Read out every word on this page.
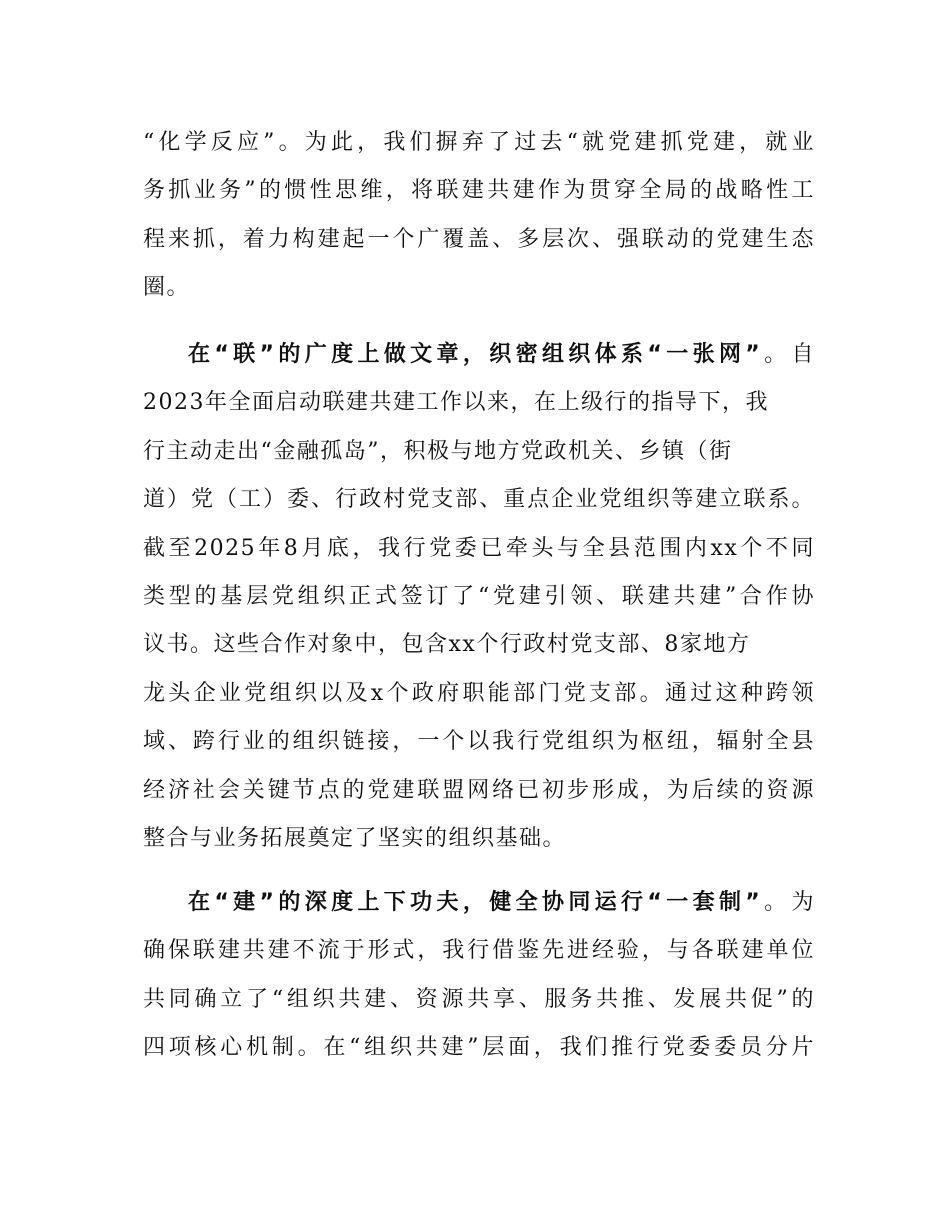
“化学反应”。为此，我们摒弃了过去“就党建抓党建，就业
务抓业务”的惯性思维，将联建共建作为贯穿全局的战略性工
程来抓，着力构建起一个广覆盖、多层次、强联动的党建生态
圈。
在“联”的广度上做文章，织密组织体系“一张网”。自
2023年全面启动联建共建工作以来，在上级行的指导下，我
行主动走出“金融孤岛”，积极与地方党政机关、乡镇（街
道）党（工）委、行政村党支部、重点企业党组织等建立联系。
截至2025年8月底，我行党委已牵头与全县范围内xx个不同
类型的基层党组织正式签订了“党建引领、联建共建”合作协
议书。这些合作对象中，包含xx个行政村党支部、8家地方
龙头企业党组织以及x个政府职能部门党支部。通过这种跨领
域、跨行业的组织链接，一个以我行党组织为枢纽，辐射全县
经济社会关键节点的党建联盟网络已初步形成，为后续的资源
整合与业务拓展奠定了坚实的组织基础。
在“建”的深度上下功夫，健全协同运行“一套制”。为
确保联建共建不流于形式，我行借鉴先进经验，与各联建单位
共同确立了“组织共建、资源共享、服务共推、发展共促”的
四项核心机制。在“组织共建”层面，我们推行党委委员分片
